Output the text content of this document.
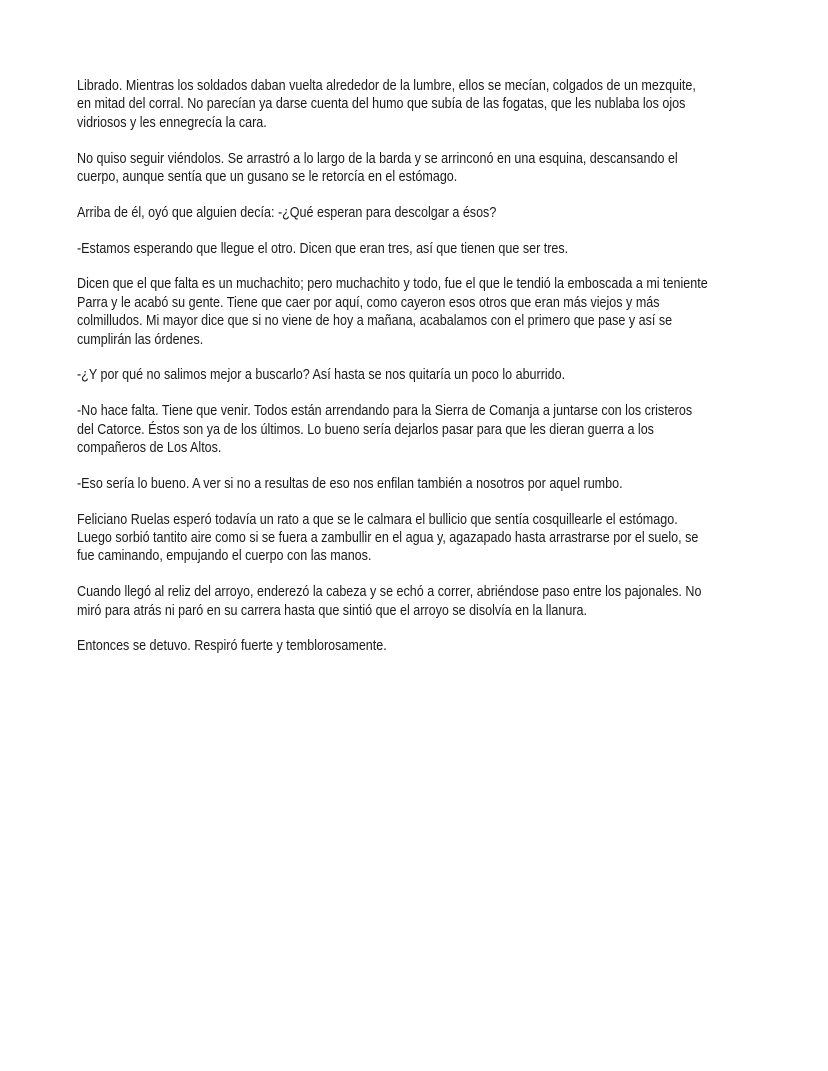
Librado. Mientras los soldados daban vuelta alrededor de la lumbre, ellos se mecían, colgados de un mezquite,
en mitad del corral. No parecían ya darse cuenta del humo que subía de las fogatas, que les nublaba los ojos
vidriosos y les ennegrecía la cara.

No quiso seguir viéndolos. Se arrastró a lo largo de la barda y se arrinconó en una esquina, descansando el
cuerpo, aunque sentía que un gusano se le retorcía en el estómago.

Arriba de él, oyó que alguien decía: -¿Qué esperan para descolgar a ésos?

-Estamos esperando que llegue el otro. Dicen que eran tres, así que tienen que ser tres.

Dicen que el que falta es un muchachito; pero muchachito y todo, fue el que le tendió la emboscada a mi teniente
Parra y le acabó su gente. Tiene que caer por aquí, como cayeron esos otros que eran más viejos y más
colmilludos. Mi mayor dice que si no viene de hoy a mañana, acabalamos con el primero que pase y así se
cumplirán las órdenes.

-¿Y por qué no salimos mejor a buscarlo? Así hasta se nos quitaría un poco lo aburrido.

-No hace falta. Tiene que venir. Todos están arrendando para la Sierra de Comanja a juntarse con los cristeros
del Catorce. Éstos son ya de los últimos. Lo bueno sería dejarlos pasar para que les dieran guerra a los
compañeros de Los Altos.

-Eso sería lo bueno. A ver si no a resultas de eso nos enfilan también a nosotros por aquel rumbo.

Feliciano Ruelas esperó todavía un rato a que se le calmara el bullicio que sentía cosquillearle el estómago.
Luego sorbió tantito aire como si se fuera a zambullir en el agua y, agazapado hasta arrastrarse por el suelo, se
fue caminando, empujando el cuerpo con las manos.

Cuando llegó al reliz del arroyo, enderezó la cabeza y se echó a correr, abriéndose paso entre los pajonales. No
miró para atrás ni paró en su carrera hasta que sintió que el arroyo se disolvía en la llanura.

Entonces se detuvo. Respiró fuerte y temblorosamente.
